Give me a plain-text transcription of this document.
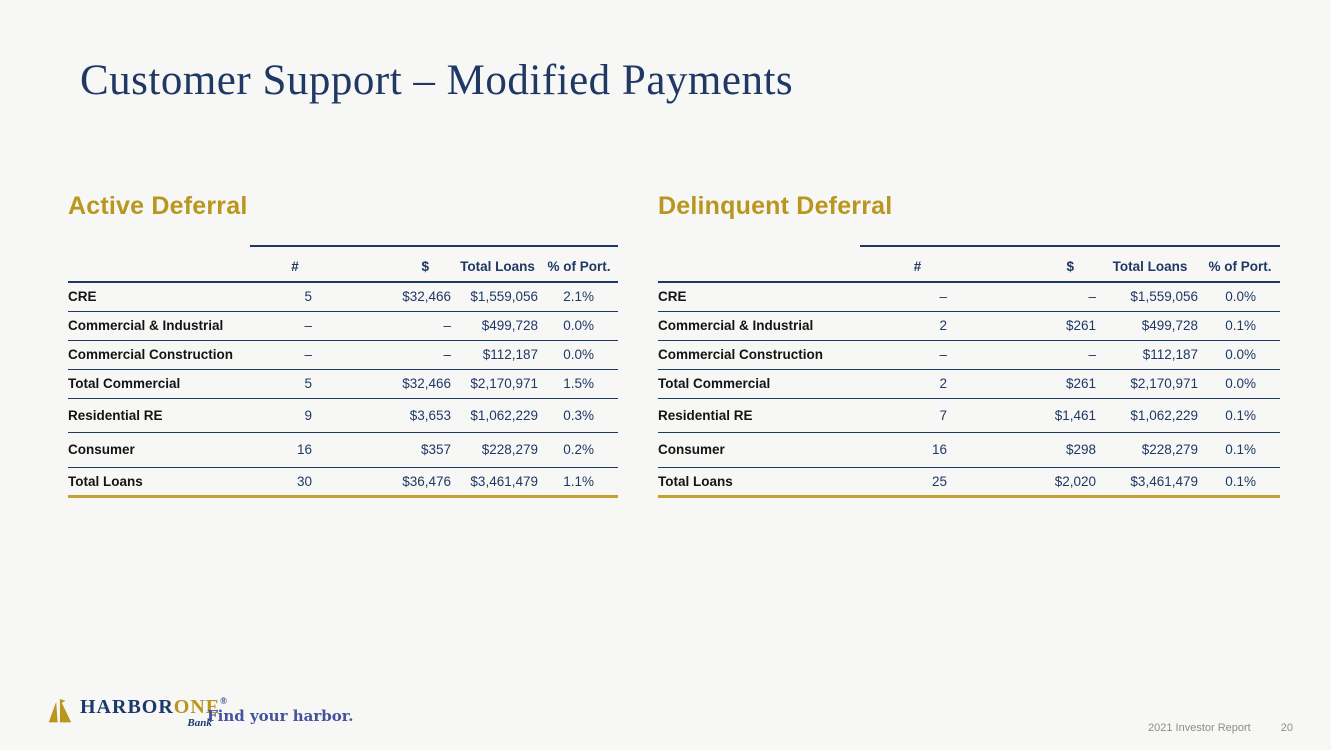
Customer Support – Modified Payments
Active Deferral
	#	$	Total Loans	% of Port.
CRE	5	$32,466	$1,559,056	2.1%
Commercial & Industrial	–	–	$499,728	0.0%
Commercial Construction	–	–	$112,187	0.0%
Total Commercial	5	$32,466	$2,170,971	1.5%
Residential RE	9	$3,653	$1,062,229	0.3%
Consumer	16	$357	$228,279	0.2%
Total Loans	30	$36,476	$3,461,479	1.1%
Delinquent Deferral
	#	$	Total Loans	% of Port.
CRE	–	–	$1,559,056	0.0%
Commercial & Industrial	2	$261	$499,728	0.1%
Commercial Construction	–	–	$112,187	0.0%
Total Commercial	2	$261	$2,170,971	0.0%
Residential RE	7	$1,461	$1,062,229	0.1%
Consumer	16	$298	$228,279	0.1%
Total Loans	25	$2,020	$3,461,479	0.1%
HARBORONE®
Bank
Find your harbor.
2021 Investor Report	20
